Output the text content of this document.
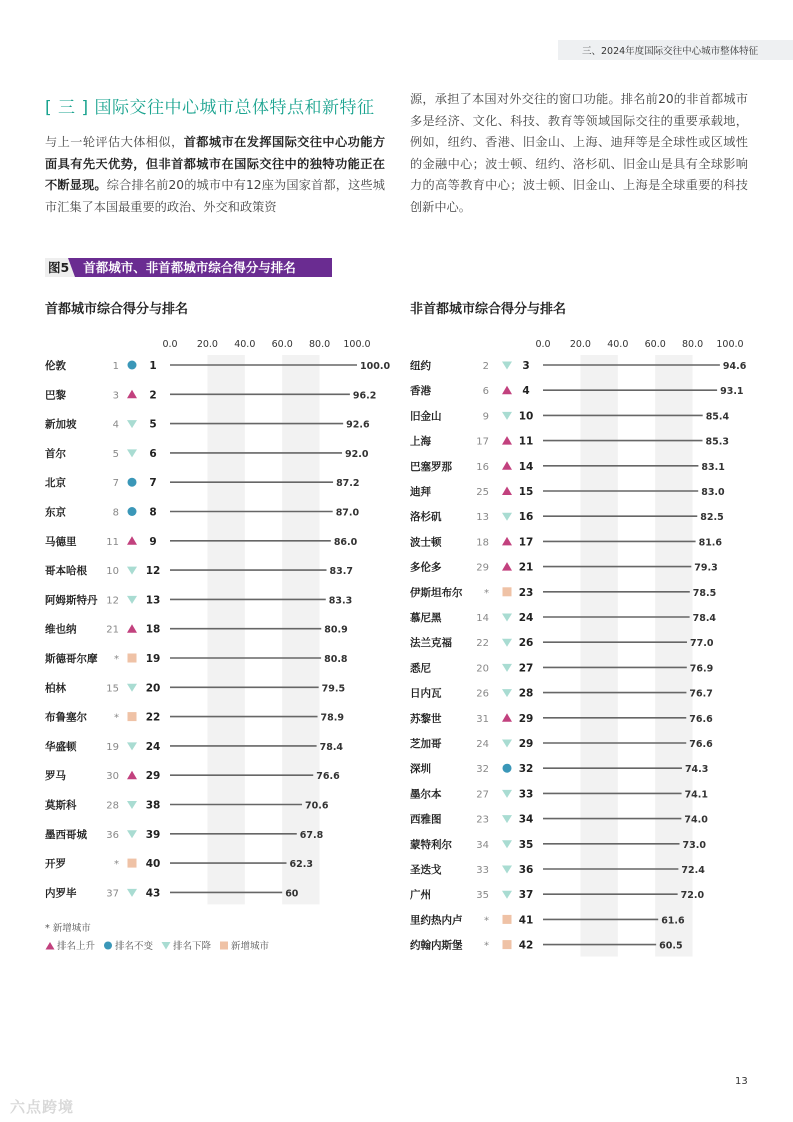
三、2024年度国际交往中心城市整体特征
[ 三 ] 国际交往中心城市总体特点和新特征
与上一轮评估大体相似，首都城市在发挥国际交往中心功能方面具有先天优势，但非首都城市在国际交往中的独特功能正在不断显现。综合排名前20的城市中有12座为国家首都，这些城市汇集了本国最重要的政治、外交和政策资
源，承担了本国对外交往的窗口功能。排名前20的非首都城市多是经济、文化、科技、教育等领域国际交往的重要承载地，例如，纽约、香港、旧金山、上海、迪拜等是全球性或区域性的金融中心；波士顿、纽约、洛杉矶、旧金山是具有全球影响力的高等教育中心；波士顿、旧金山、上海是全球重要的科技创新中心。
图5	首都城市、非首都城市综合得分与排名
首都城市综合得分与排名	非首都城市综合得分与排名
0.0 20.0 40.0 60.0 80.0 100.0
伦敦	1	1	100.0
巴黎	3	2	96.2
新加坡	4	5	92.6
首尔	5	6	92.0
北京	7	7	87.2
东京	8	8	87.0
马德里	11	9	86.0
哥本哈根 10	12	83.7
阿姆斯特丹 12	13	83.3
维也纳	21	18	80.9
斯德哥尔摩 *	19	80.8
柏林	15	20	79.5
布鲁塞尔	*	22	78.9
华盛顿	19	24	78.4
罗马	30	29	76.6
莫斯科	28	38	70.6
墨西哥城 36	39	67.8
开罗	*	40	62.3
内罗毕	37	43	60
0.0 20.0 40.0 60.0 80.0 100.0
纽约	2	3	94.6
香港	6	4	93.1
旧金山	9	10	85.4
上海	17	11	85.3
巴塞罗那 16	14	83.1
迪拜	25	15	83.0
洛杉矶	13	16	82.5
波士顿	18	17	81.6
多伦多	29	21	79.3
伊斯坦布尔 *	23	78.5
慕尼黑	14	24	78.4
法兰克福 22	26	77.0
悉尼	20	27	76.9
日内瓦	26	28	76.7
苏黎世	31	29	76.6
芝加哥	24	29	76.6
深圳	32	32	74.3
墨尔本	27	33	74.1
西雅图	23	34	74.0
蒙特利尔 34	35	73.0
圣迭戈	33	36	72.4
广州	35	37	72.0
里约热内卢 *	41	61.6
约翰内斯堡 *	42	60.5
* 新增城市
排名上升 排名不变 排名下降 新增城市
13
六点跨境
